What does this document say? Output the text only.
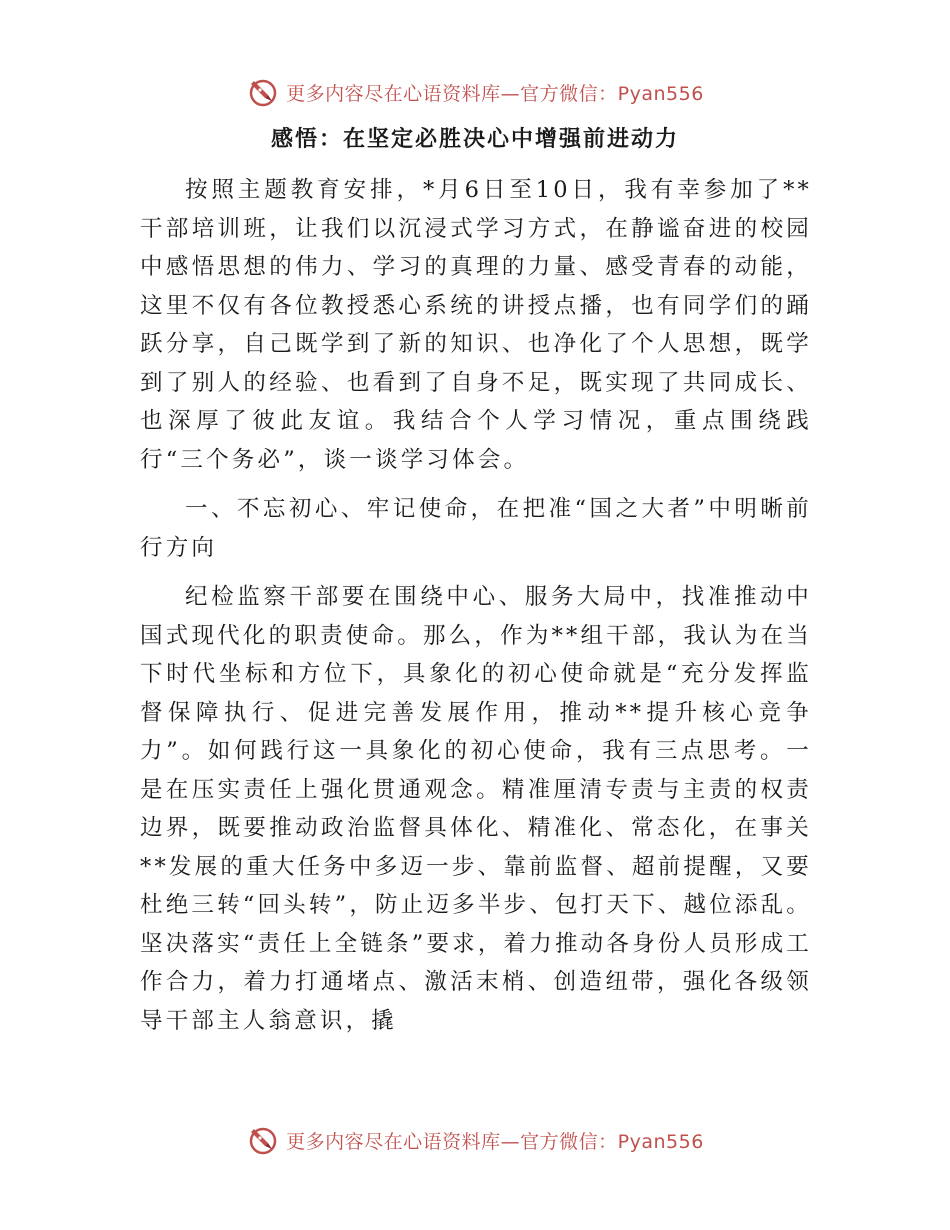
更多内容尽在心语资料库—官方微信：Pyan556
感悟：在坚定必胜决心中增强前进动力

按照主题教育安排，*月6日至10日，我有幸参加了**干部培训班，让我们以沉浸式学习方式，在静谧奋进的校园中感悟思想的伟力、学习的真理的力量、感受青春的动能，这里不仅有各位教授悉心系统的讲授点播，也有同学们的踊跃分享，自己既学到了新的知识、也净化了个人思想，既学到了别人的经验、也看到了自身不足，既实现了共同成长、也深厚了彼此友谊。我结合个人学习情况，重点围绕践行“三个务必”，谈一谈学习体会。

一、不忘初心、牢记使命，在把准“国之大者”中明晰前行方向

纪检监察干部要在围绕中心、服务大局中，找准推动中国式现代化的职责使命。那么，作为**组干部，我认为在当下时代坐标和方位下，具象化的初心使命就是“充分发挥监督保障执行、促进完善发展作用，推动**提升核心竞争力”。如何践行这一具象化的初心使命，我有三点思考。一是在压实责任上强化贯通观念。精准厘清专责与主责的权责边界，既要推动政治监督具体化、精准化、常态化，在事关**发展的重大任务中多迈一步、靠前监督、超前提醒，又要杜绝三转“回头转”，防止迈多半步、包打天下、越位添乱。坚决落实“责任上全链条”要求，着力推动各身份人员形成工作合力，着力打通堵点、激活末梢、创造纽带，强化各级领导干部主人翁意识，撬

更多内容尽在心语资料库—官方微信：Pyan556
